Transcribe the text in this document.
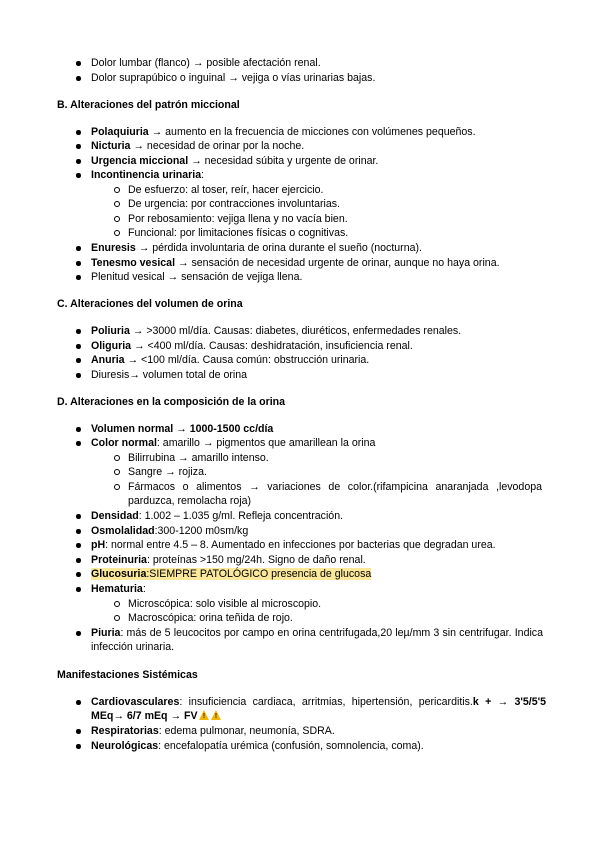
Dolor lumbar (flanco) → posible afectación renal.
Dolor suprapúbico o inguinal → vejiga o vías urinarias bajas.
B. Alteraciones del patrón miccional
Polaquiuria → aumento en la frecuencia de micciones con volúmenes pequeños.
Nicturia → necesidad de orinar por la noche.
Urgencia miccional → necesidad súbita y urgente de orinar.
Incontinencia urinaria:
De esfuerzo: al toser, reír, hacer ejercicio.
De urgencia: por contracciones involuntarias.
Por rebosamiento: vejiga llena y no vacía bien.
Funcional: por limitaciones físicas o cognitivas.
Enuresis → pérdida involuntaria de orina durante el sueño (nocturna).
Tenesmo vesical → sensación de necesidad urgente de orinar, aunque no haya orina.
Plenitud vesical → sensación de vejiga llena.
C. Alteraciones del volumen de orina
Poliuria → >3000 ml/día. Causas: diabetes, diuréticos, enfermedades renales.
Oliguria → <400 ml/día. Causas: deshidratación, insuficiencia renal.
Anuria → <100 ml/día. Causa común: obstrucción urinaria.
Diuresis→ volumen total de orina
D. Alteraciones en la composición de la orina
Volumen normal → 1000-1500 cc/día
Color normal: amarillo → pigmentos que amarillean la orina
Bilirrubina → amarillo intenso.
Sangre → rojiza.
Fármacos o alimentos → variaciones de color.(rifampicina anaranjada ,levodopa parduzca, remolacha roja)
Densidad: 1.002 – 1.035 g/ml. Refleja concentración.
Osmolalidad:300-1200 m0sm/kg
pH: normal entre 4.5 – 8. Aumentado en infecciones por bacterias que degradan urea.
Proteinuria: proteínas >150 mg/24h. Signo de daño renal.
Glucosuria:SIEMPRE PATOLÓGICO presencia de glucosa
Hematuria:
Microscópica: solo visible al microscopio.
Macroscópica: orina teñida de rojo.
Piuria: más de 5 leucocitos por campo en orina centrifugada,20 leµ/mm 3 sin centrifugar. Indica infección urinaria.
Manifestaciones Sistémicas
Cardiovasculares: insuficiencia cardiaca, arritmias, hipertensión, pericarditis.k + → 3'5/5'5 MEq→ 6/7 mEq → FV!!
Respiratorias: edema pulmonar, neumonía, SDRA.
Neurológicas: encefalopatía urémica (confusión, somnolencia, coma).
